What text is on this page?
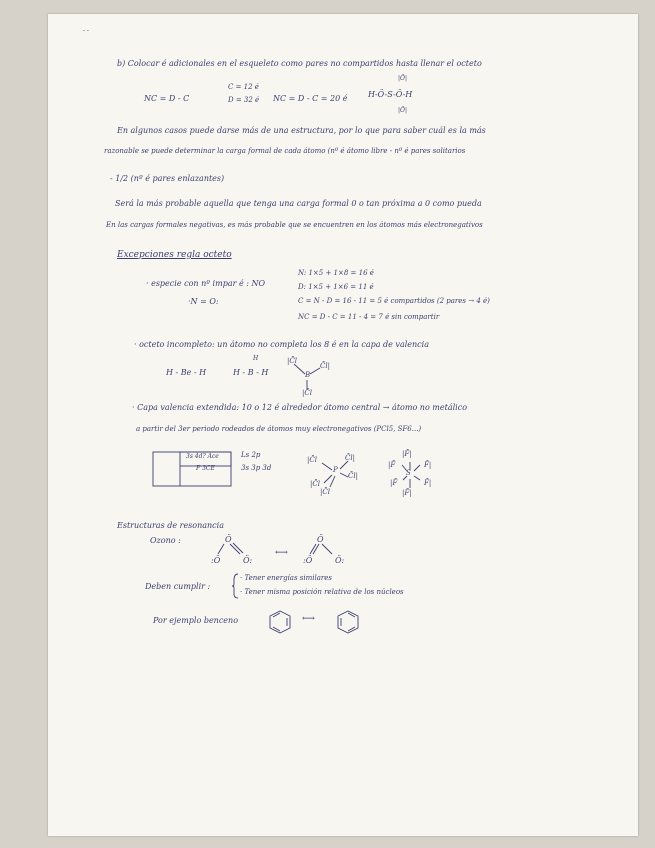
- -
b) Colocar é adicionales en el esqueleto como pares no compartidos hasta llenar el octeto
|Ō|
C = 12 é
NC = D - C	D = 32 é NC = D - C = 20 é	H-Ö-S-Ö-H
|Ō|
En algunos casos puede darse más de una estructura, por lo que para saber cuál es la más
razonable se puede determinar la carga formal de cada átomo (nº é átomo libre - nº é pares solitarios
- 1/2 (nº é pares enlazantes)
Será la más probable aquella que tenga una carga formal 0 o tan próxima a 0 como pueda
En las cargas formales negativas, es más probable que se encuentren en los átomos más electronegativos
Excepciones regla octeto
N: 1×5 + 1×8 = 16 é
· especie con nº impar é : NO	D: 1×5 + 1×6 = 11 é
C = N - D = 16 - 11 = 5 é compartidos (2 pares → 4 é)
·N = O:
NC = D - C = 11 - 4 = 7 é sin compartir
· octeto incompleto: un átomo no completa los 8 é en la capa de valencia
H	|C̄l
C̄l|
H - Be - H	H - B - H	B
|C̄l
· Capa valencia extendida: 10 o 12 é alrededor átomo central → átomo no metálico
a partir del 3er periodo rodeados de átomos muy electronegativos (PCl5, SF6...)
3s 4d? Ace
F 3CE
Ls 2p
3s 3p 3d
|C̄l	C̄l|
P
C̄l|
|C̄l
|C̄l
|F̄|
|F̄	F̄|
S
|F̄	F̄|
|F̄|
Estructuras de resonancia
Ozono :	Ö
:Ö	Ö:
Ö
:Ö	Ö:
⟷
Deben cumplir :
· Tener energías similares
· Tener misma posición relativa de los núcleos
Por ejemplo benceno	⟷
